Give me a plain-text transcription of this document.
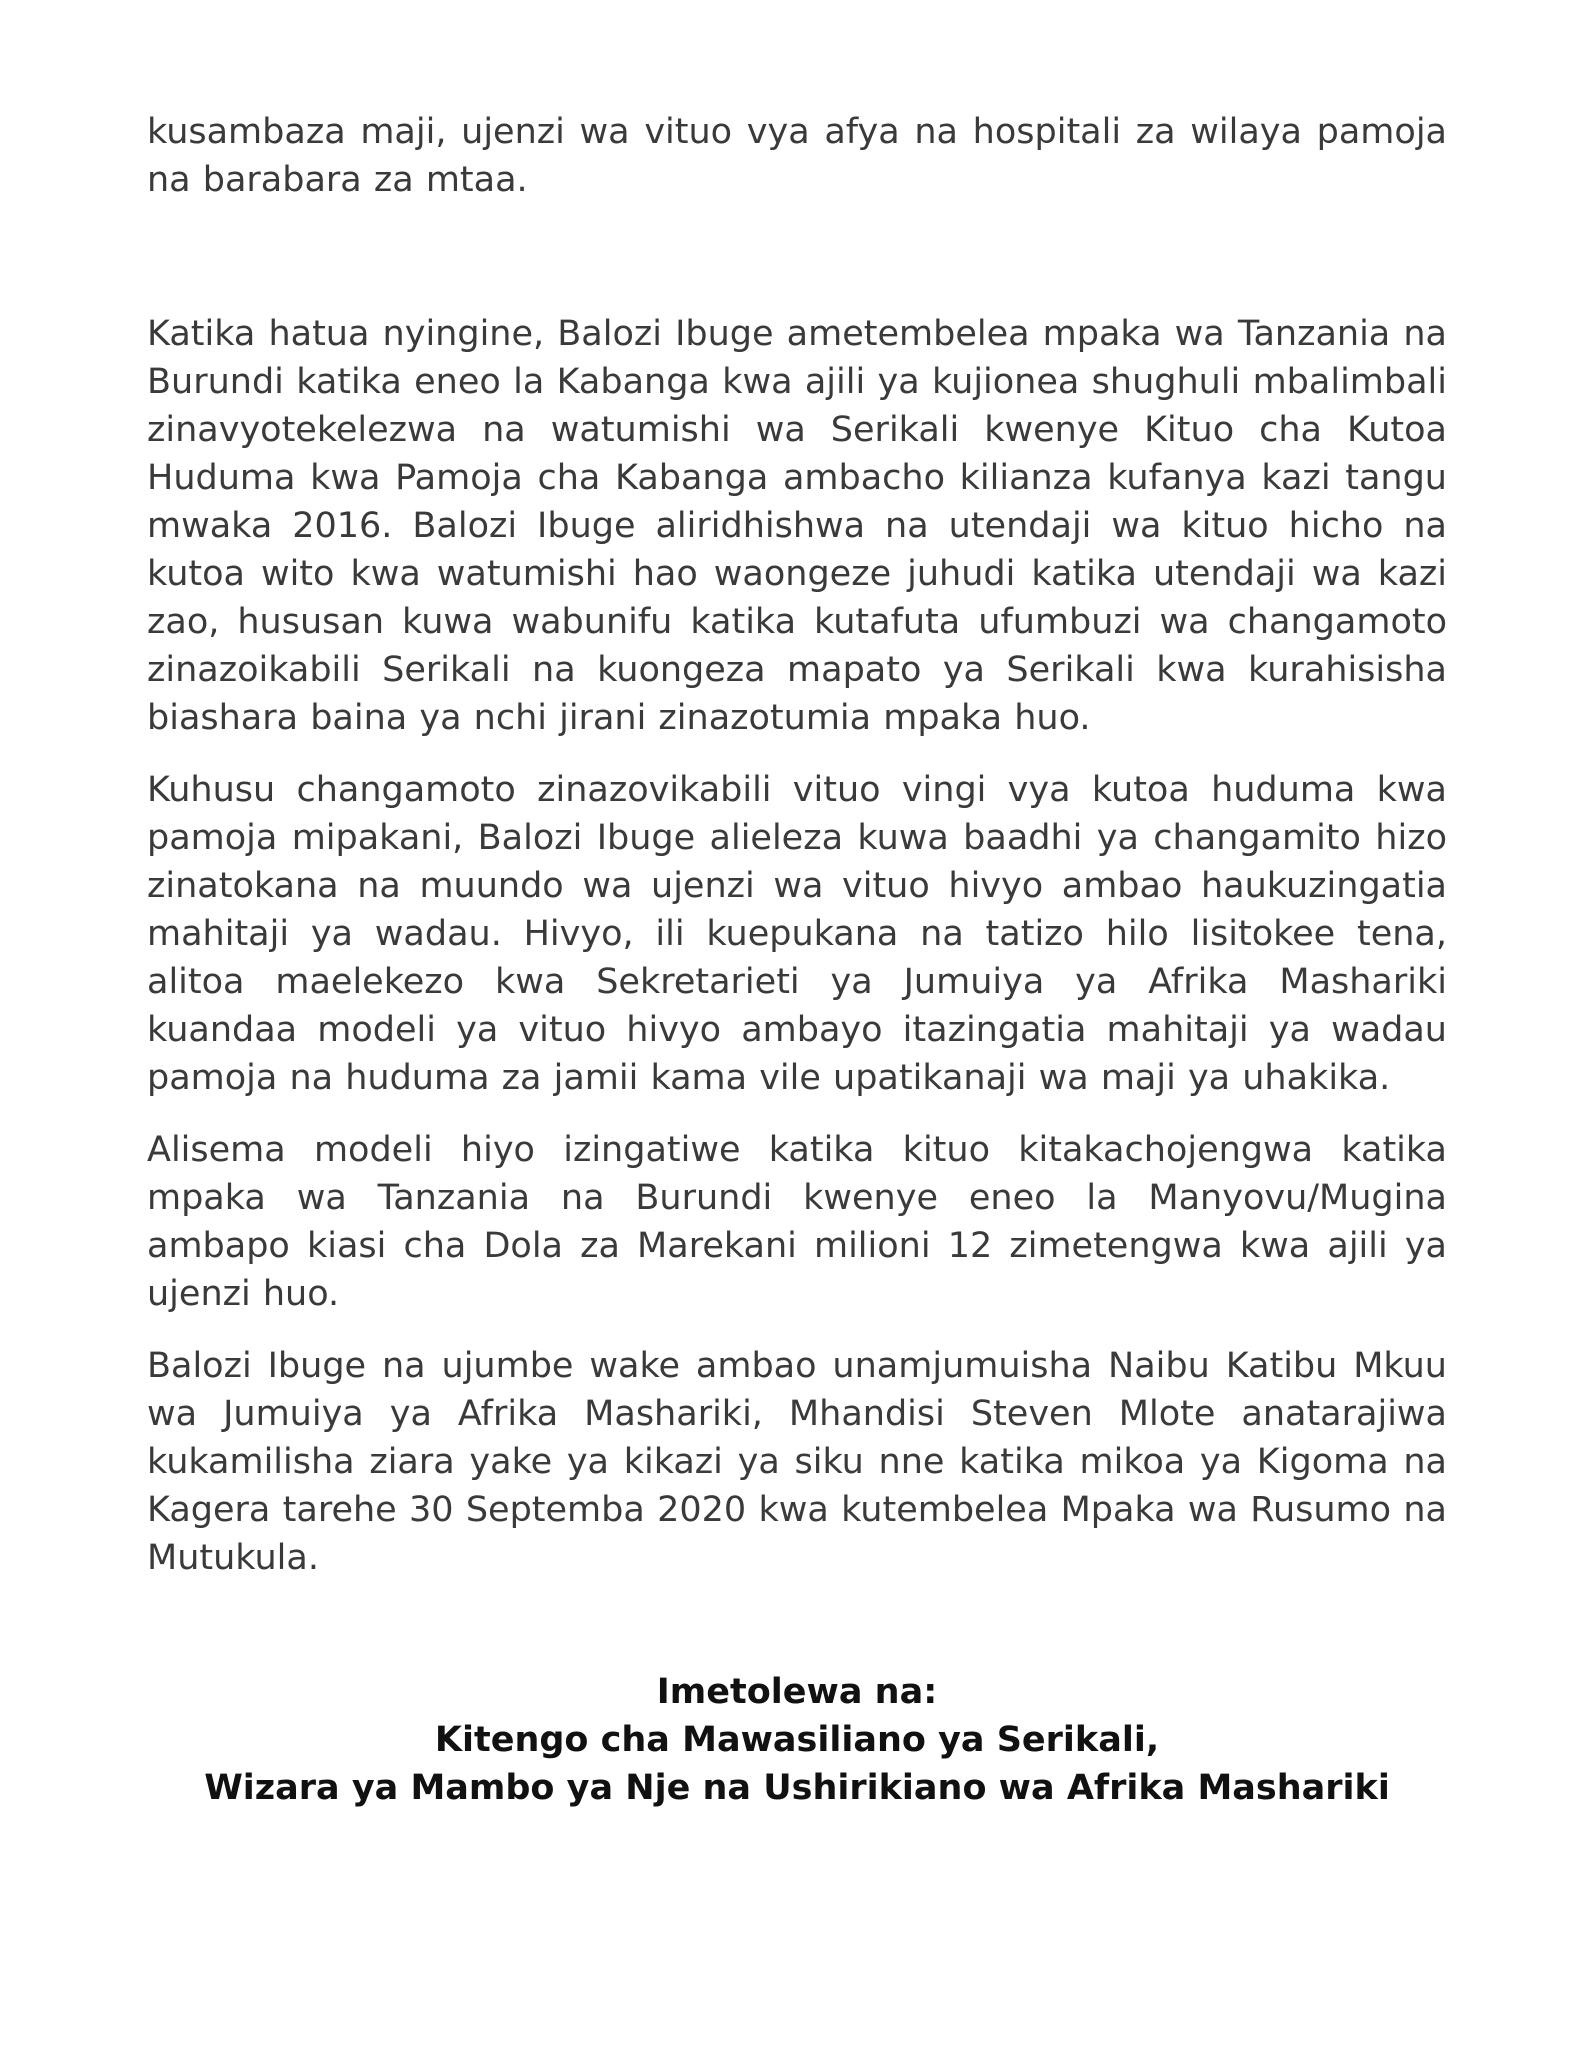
kusambaza maji, ujenzi wa vituo vya afya na hospitali za wilaya pamoja na barabara za mtaa.

Katika hatua nyingine, Balozi Ibuge ametembelea mpaka wa Tanzania na Burundi katika eneo la Kabanga kwa ajili ya kujionea shughuli mbalimbali zinavyotekelezwa na watumishi wa Serikali kwenye Kituo cha Kutoa Huduma kwa Pamoja cha Kabanga ambacho kilianza kufanya kazi tangu mwaka 2016. Balozi Ibuge aliridhishwa na utendaji wa kituo hicho na kutoa wito kwa watumishi hao waongeze juhudi katika utendaji wa kazi zao, hususan kuwa wabunifu katika kutafuta ufumbuzi wa changamoto zinazoikabili Serikali na kuongeza mapato ya Serikali kwa kurahisisha biashara baina ya nchi jirani zinazotumia mpaka huo.

Kuhusu changamoto zinazovikabili vituo vingi vya kutoa huduma kwa pamoja mipakani, Balozi Ibuge alieleza kuwa baadhi ya changamito hizo zinatokana na muundo wa ujenzi wa vituo hivyo ambao haukuzingatia mahitaji ya wadau. Hivyo, ili kuepukana na tatizo hilo lisitokee tena, alitoa maelekezo kwa Sekretarieti ya Jumuiya ya Afrika Mashariki kuandaa modeli ya vituo hivyo ambayo itazingatia mahitaji ya wadau pamoja na huduma za jamii kama vile upatikanaji wa maji ya uhakika.

Alisema modeli hiyo izingatiwe katika kituo kitakachojengwa katika mpaka wa Tanzania na Burundi kwenye eneo la Manyovu/Mugina ambapo kiasi cha Dola za Marekani milioni 12 zimetengwa kwa ajili ya ujenzi huo.

Balozi Ibuge na ujumbe wake ambao unamjumuisha Naibu Katibu Mkuu wa Jumuiya ya Afrika Mashariki, Mhandisi Steven Mlote anatarajiwa kukamilisha ziara yake ya kikazi ya siku nne katika mikoa ya Kigoma na Kagera tarehe 30 Septemba 2020 kwa kutembelea Mpaka wa Rusumo na Mutukula.

Imetolewa na:
Kitengo cha Mawasiliano ya Serikali,
Wizara ya Mambo ya Nje na Ushirikiano wa Afrika Mashariki
